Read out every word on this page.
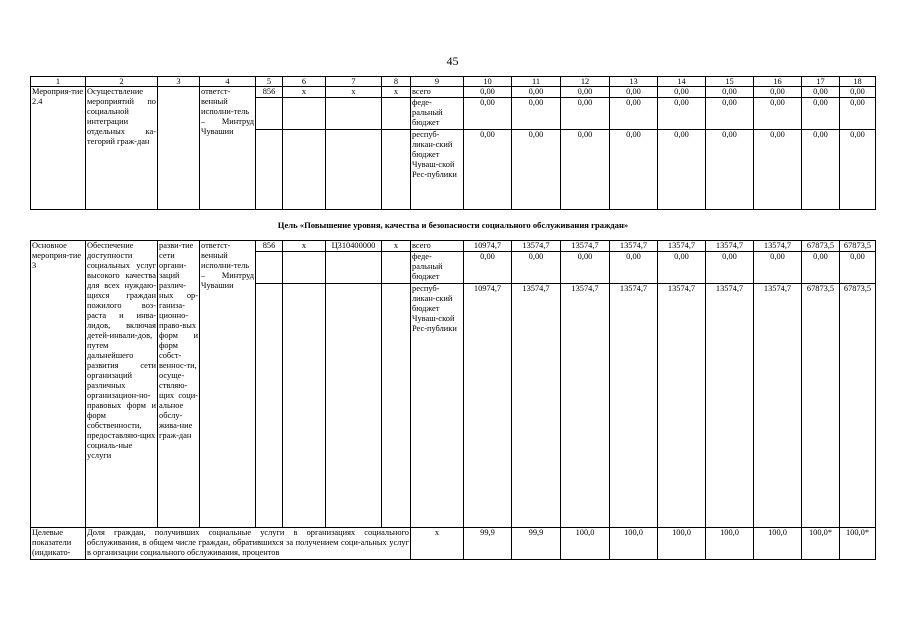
45
1	2	3	4	5	6	7	8	9	10	11	12	13	14	15	16	17	18
Мероприя-тие 2.4	Осуществление мероприятий по социальной интеграции отдельных ка-тегорий граж-дан		ответст-венный исполни-тель – Минтруд Чувашии	856	x	x	x	всего	0,00	0,00	0,00	0,00	0,00	0,00	0,00	0,00	0,00
								феде-ральный бюджет	0,00	0,00	0,00	0,00	0,00	0,00	0,00	0,00	0,00
								респуб-ликан-ский бюджет Чуваш-ской Рес-публики	0,00	0,00	0,00	0,00	0,00	0,00	0,00	0,00	0,00
Цель «Повышение уровня, качества и безопасности социального обслуживания граждан»																	
Основное мероприя-тие 3	Обеспечение доступности социальных услуг высокого качества для всех нуждаю-щихся граждан пожилого воз-раста и инва-лидов, включая детей-инвали-дов, путем дальнейшего развития сети организаций различных организацион-но-правовых форм и форм собственности, предоставляю-щих социаль-ные услуги	разви-тие сети органи-заций различ-ных ор-ганиза-ционно-право-вых форм и форм собст-веннос-ти, осуще-ствляю-щих соци-альное обслу-жива-ние граж-дан	ответст-венный исполни-тель – Минтруд Чувашии	856	x	Ц310400000	x	всего	10974,7	13574,7	13574,7	13574,7	13574,7	13574,7	13574,7	67873,5	67873,5
								феде-ральный бюджет	0,00	0,00	0,00	0,00	0,00	0,00	0,00	0,00	0,00
								респуб-ликан-ский бюджет Чуваш-ской Рес-публики	10974,7	13574,7	13574,7	13574,7	13574,7	13574,7	13574,7	67873,5	67873,5
Целевые показатели (индикато-	Доля граждан, получивших социальные услуги в организациях социального обслуживания, в общем числе граждан, обратившихся за получением соци-альных услуг в организации социального обслуживания, процентов							x	99,9	99,9	100,0	100,0	100,0	100,0	100,0	100,0*	100,0*
